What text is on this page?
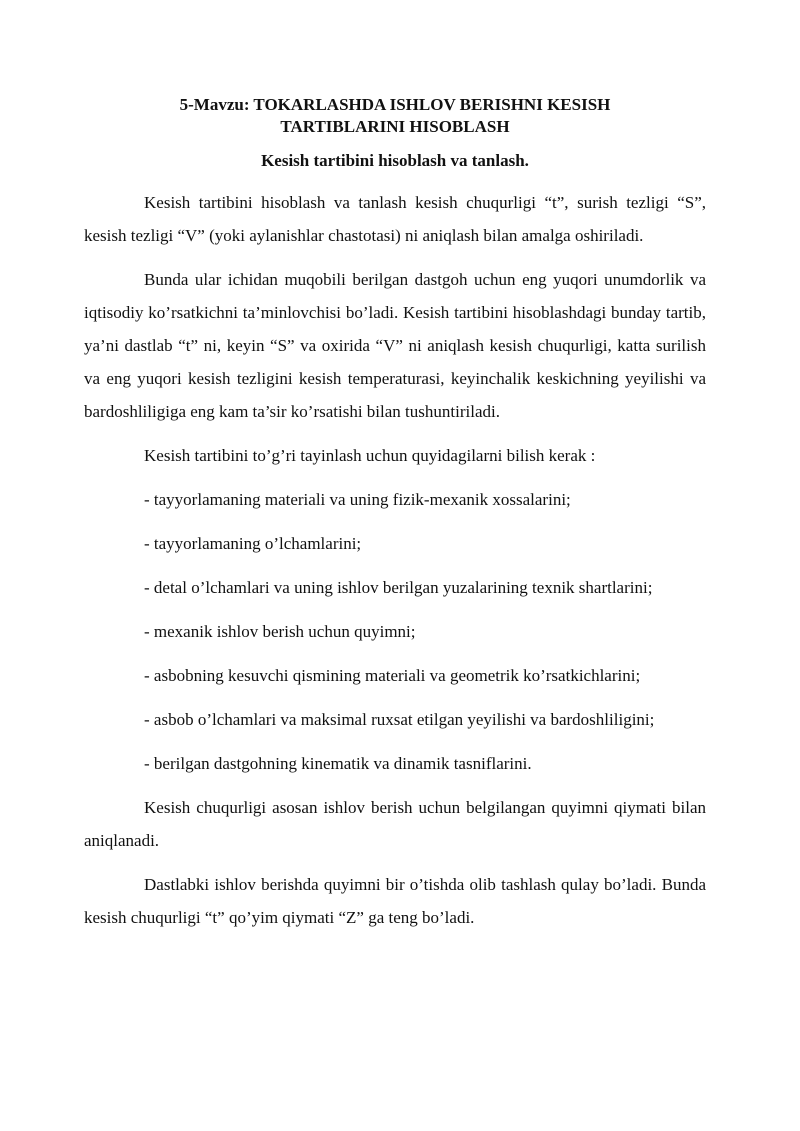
5-Mavzu: TOKARLASHDA ISHLOV BERISHNI KESISH
TARTIBLARINI HISOBLASH

Kesish tartibini hisoblash va tanlash.

Kesish tartibini hisoblash va tanlash kesish chuqurligi “t”, surish tezligi “S”, kesish tezligi “V” (yoki aylanishlar chastotasi) ni aniqlash bilan amalga oshiriladi.

Bunda ular ichidan muqobili berilgan dastgoh uchun eng yuqori unumdorlik va iqtisodiy ko’rsatkichni ta’minlovchisi bo’ladi. Kesish tartibini hisoblashdagi bunday tartib, ya’ni dastlab “t” ni, keyin “S” va oxirida “V” ni aniqlash kesish chuqurligi, katta surilish va eng yuqori kesish tezligini kesish temperaturasi, keyinchalik keskichning yeyilishi va bardoshliligiga eng kam ta’sir ko’rsatishi bilan tushuntiriladi.

Kesish tartibini to’g’ri tayinlash uchun quyidagilarni bilish kerak :

- tayyorlamaning materiali va uning fizik-mexanik xossalarini;

- tayyorlamaning o’lchamlarini;

- detal o’lchamlari va uning ishlov berilgan yuzalarining texnik shartlarini;

- mexanik ishlov berish uchun quyimni;

- asbobning kesuvchi qismining materiali va geometrik ko’rsatkichlarini;

- asbob o’lchamlari va maksimal ruxsat etilgan yeyilishi va bardoshliligini;

- berilgan dastgohning kinematik va dinamik tasniflarini.

Kesish chuqurligi asosan ishlov berish uchun belgilangan quyimni qiymati bilan aniqlanadi.

Dastlabki ishlov berishda quyimni bir o’tishda olib tashlash qulay bo’ladi. Bunda kesish chuqurligi “t” qo’yim qiymati “Z” ga teng bo’ladi.
